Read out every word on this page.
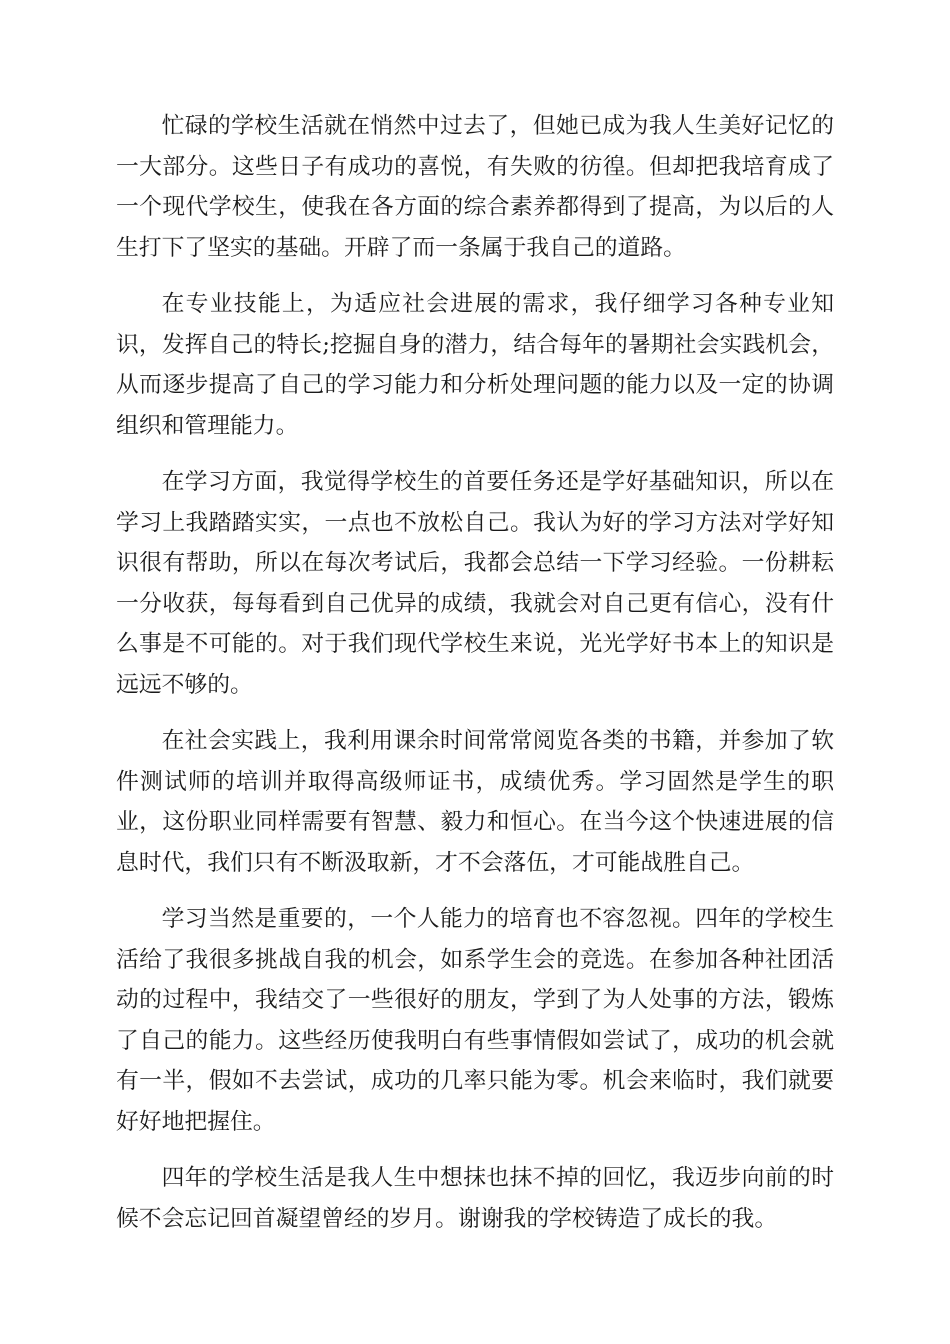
忙碌的学校生活就在悄然中过去了，但她已成为我人生美好记忆的一大部分。这些日子有成功的喜悦，有失败的彷徨。但却把我培育成了一个现代学校生，使我在各方面的综合素养都得到了提高，为以后的人生打下了坚实的基础。开辟了而一条属于我自己的道路。

在专业技能上，为适应社会进展的需求，我仔细学习各种专业知识，发挥自己的特长;挖掘自身的潜力，结合每年的暑期社会实践机会，从而逐步提高了自己的学习能力和分析处理问题的能力以及一定的协调组织和管理能力。

在学习方面，我觉得学校生的首要任务还是学好基础知识，所以在学习上我踏踏实实，一点也不放松自己。我认为好的学习方法对学好知识很有帮助，所以在每次考试后，我都会总结一下学习经验。一份耕耘一分收获，每每看到自己优异的成绩，我就会对自己更有信心，没有什么事是不可能的。对于我们现代学校生来说，光光学好书本上的知识是远远不够的。

在社会实践上，我利用课余时间常常阅览各类的书籍，并参加了软件测试师的培训并取得高级师证书，成绩优秀。学习固然是学生的职业，这份职业同样需要有智慧、毅力和恒心。在当今这个快速进展的信息时代，我们只有不断汲取新，才不会落伍，才可能战胜自己。

学习当然是重要的，一个人能力的培育也不容忽视。四年的学校生活给了我很多挑战自我的机会，如系学生会的竞选。在参加各种社团活动的过程中，我结交了一些很好的朋友，学到了为人处事的方法，锻炼了自己的能力。这些经历使我明白有些事情假如尝试了，成功的机会就有一半，假如不去尝试，成功的几率只能为零。机会来临时，我们就要好好地把握住。

四年的学校生活是我人生中想抹也抹不掉的回忆，我迈步向前的时候不会忘记回首凝望曾经的岁月。谢谢我的学校铸造了成长的我。
